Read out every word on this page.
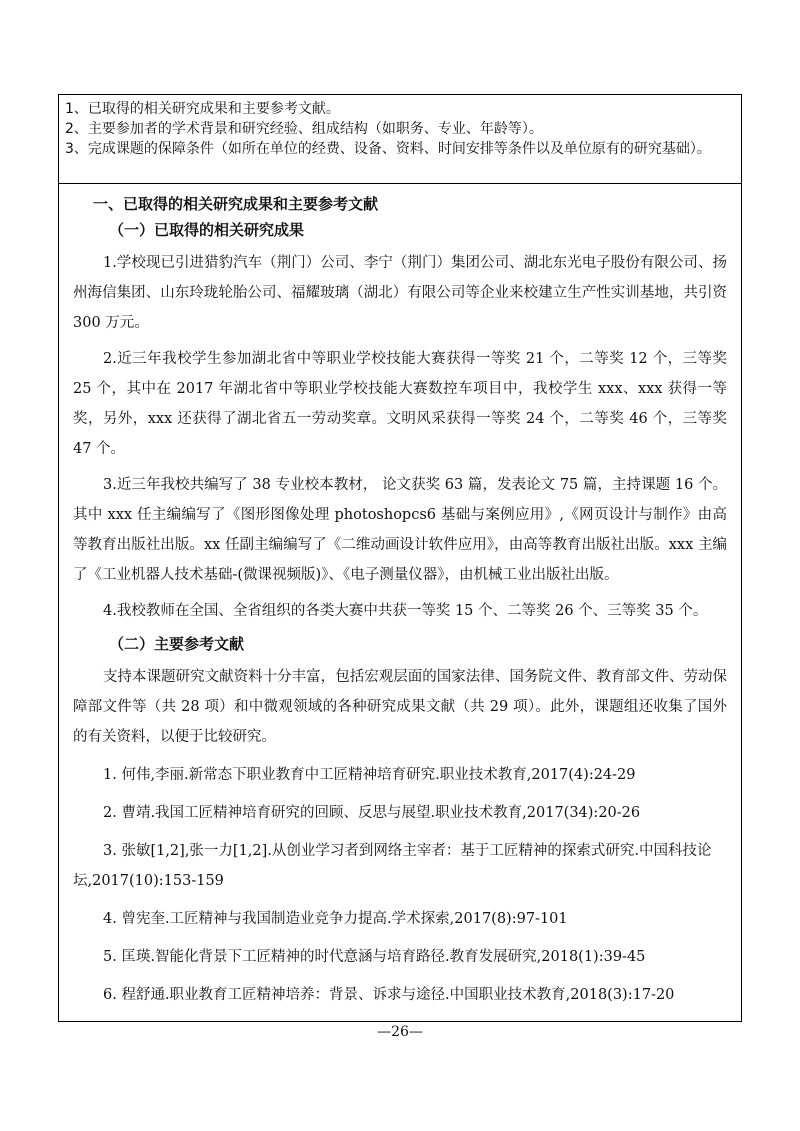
1、已取得的相关研究成果和主要参考文献。

2、主要参加者的学术背景和研究经验、组成结构（如职务、专业、年龄等）。

3、完成课题的保障条件（如所在单位的经费、设备、资料、时间安排等条件以及单位原有的研究基础）。

一、已取得的相关研究成果和主要参考文献
（一）已取得的相关研究成果

1.学校现已引进猎豹汽车（荆门）公司、李宁（荆门）集团公司、湖北东光电子股份有限公司、扬州海信集团、山东玲珑轮胎公司、福耀玻璃（湖北）有限公司等企业来校建立生产性实训基地，共引资 300 万元。

2.近三年我校学生参加湖北省中等职业学校技能大赛获得一等奖 21 个，二等奖 12 个，三等奖 25 个，其中在 2017 年湖北省中等职业学校技能大赛数控车项目中，我校学生 xxx、xxx 获得一等奖，另外，xxx 还获得了湖北省五一劳动奖章。文明风采获得一等奖 24 个，二等奖 46 个，三等奖 47 个。

3.近三年我校共编写了 38 专业校本教材， 论文获奖 63 篇，发表论文 75 篇，主持课题 16 个。其中 xxx 任主编编写了《图形图像处理 photoshopcs6 基础与案例应用》,《网页设计与制作》由高等教育出版社出版。xx 任副主编编写了《二维动画设计软件应用》，由高等教育出版社出版。xxx 主编了《工业机器人技术基础-(微课视频版)》、《电子测量仪器》，由机械工业出版社出版。

4.我校教师在全国、全省组织的各类大赛中共获一等奖 15 个、二等奖 26 个、三等奖 35 个。

（二）主要参考文献

支持本课题研究文献资料十分丰富，包括宏观层面的国家法律、国务院文件、教育部文件、劳动保障部文件等（共 28 项）和中微观领域的各种研究成果文献（共 29 项）。此外，课题组还收集了国外的有关资料，以便于比较研究。

1. 何伟,李丽.新常态下职业教育中工匠精神培育研究.职业技术教育,2017(4):24-29

2. 曹靖.我国工匠精神培育研究的回顾、反思与展望.职业技术教育,2017(34):20-26

3. 张敏[1,2],张一力[1,2].从创业学习者到网络主宰者：基于工匠精神的探索式研究.中国科技论坛,2017(10):153-159

4. 曾宪奎.工匠精神与我国制造业竞争力提高.学术探索,2017(8):97-101

5. 匡瑛.智能化背景下工匠精神的时代意涵与培育路径.教育发展研究,2018(1):39-45

6. 程舒通.职业教育工匠精神培养：背景、诉求与途径.中国职业技术教育,2018(3):17-20

—26—
